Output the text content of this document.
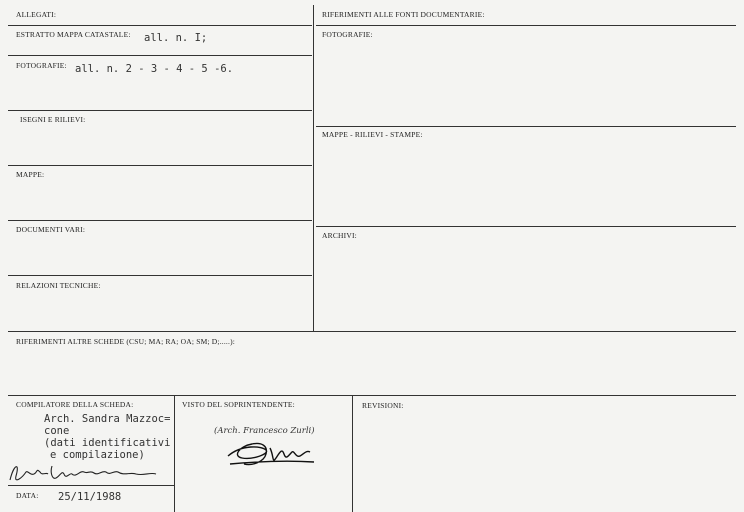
ALLEGATI:
ESTRATTO MAPPA CATASTALE: all. n. I;
FOTOGRAFIE: all. n. 2 - 3 - 4 - 5 -6.
ISEGNI E RILIEVI:
MAPPE:
DOCUMENTI VARI:
RELAZIONI TECNICHE:
RIFERIMENTI ALLE FONTI DOCUMENTARIE:
FOTOGRAFIE:
MAPPE - RILIEVI - STAMPE:
ARCHIVI:
RIFERIMENTI ALTRE SCHEDE (CSU; MA; RA; OA; SM; D;.....):
COMPILATORE DELLA SCHEDA:
Arch. Sandra Mazzoc=
cone
(dati identificativi
e compilazione)
DATA: 25/11/1988
VISTO DEL SOPRINTENDENTE:
(Arch. Francesco Zurli)
REVISIONI:
